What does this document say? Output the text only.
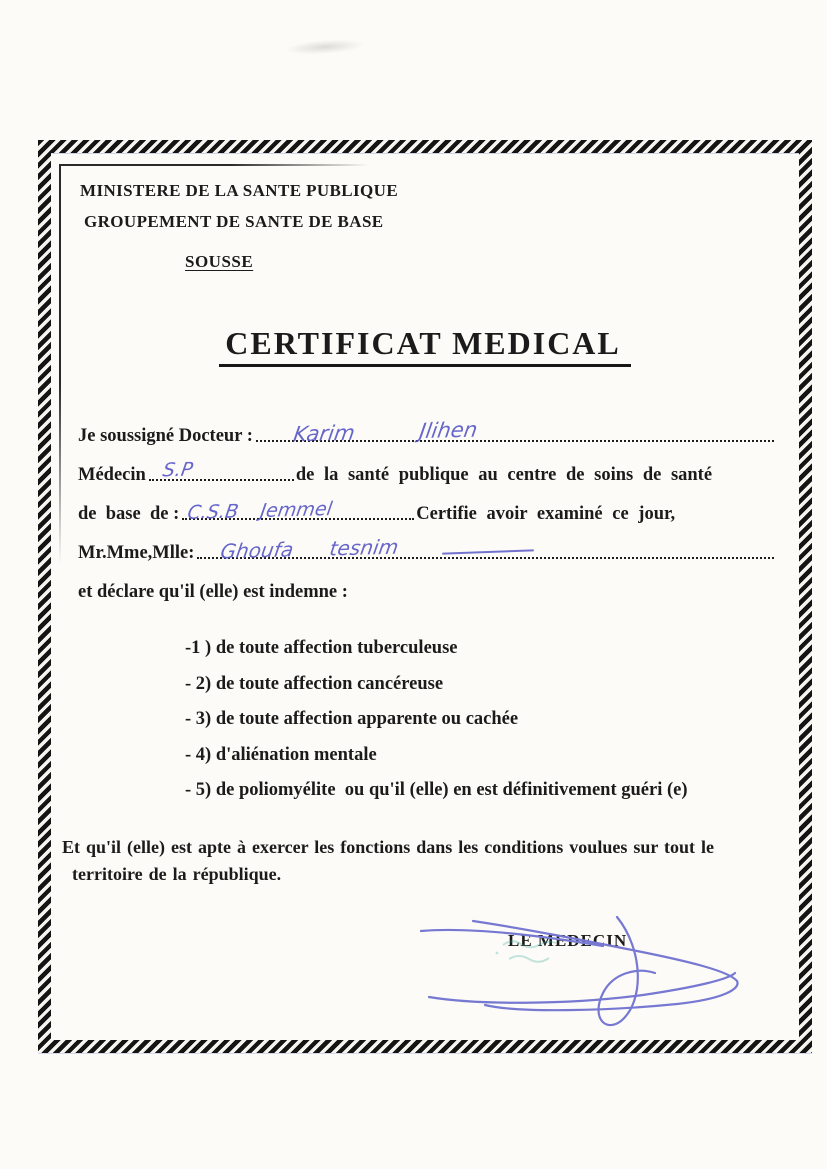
MINISTERE DE LA SANTE PUBLIQUE
GROUPEMENT DE SANTE DE BASE
SOUSSE
CERTIFICAT MEDICAL
Je soussigné Docteur : Karim Jlihen
Médecin S.P	de la santé publique au centre de soins de santé
de  base  de : C.S.B Jemmel	Certifie avoir examiné ce jour,
Mr.Mme,Mlle: Ghoufa tesnim
et déclare qu'il (elle) est indemne :
-1 ) de toute affection tuberculeuse
- 2) de toute affection cancéreuse
- 3) de toute affection apparente ou cachée
- 4) d'aliénation mentale
- 5) de poliomyélite  ou qu'il (elle) en est définitivement guéri (e)
Et qu'il (elle) est apte à exercer les fonctions dans les conditions voulues sur tout le territoire de la république.
LE MEDECIN
